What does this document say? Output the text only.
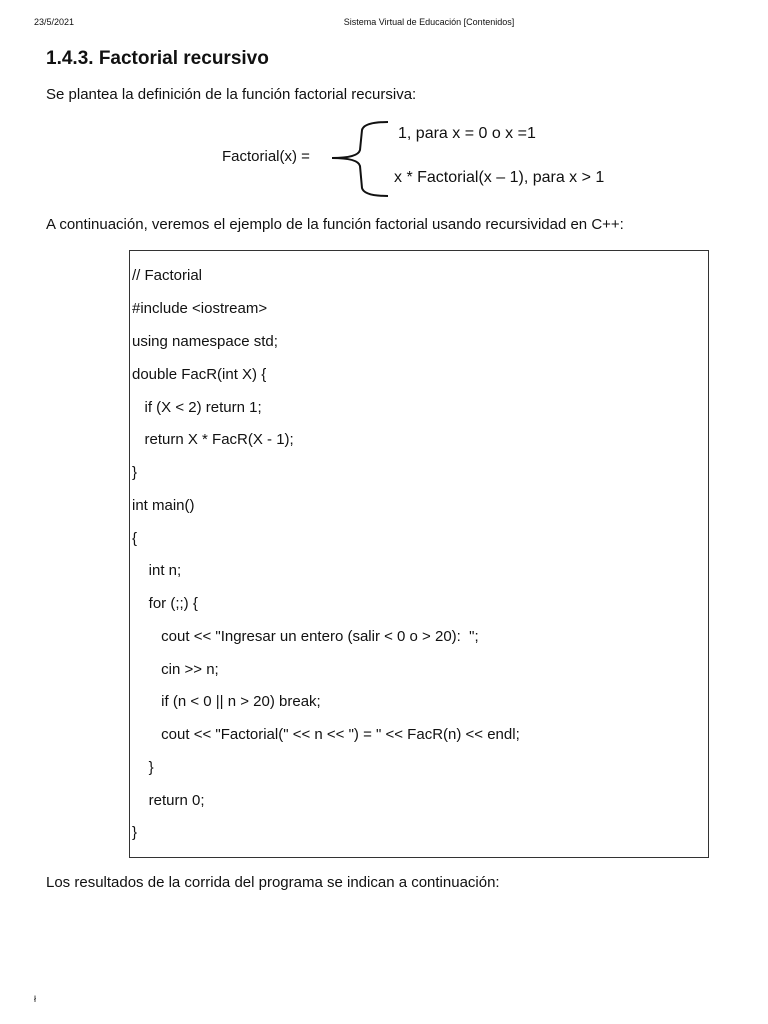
23/5/2021	Sistema Virtual de Educación [Contenidos]
1.4.3. Factorial recursivo

Se plantea la definición de la función factorial recursiva:

Factorial(x) =
1, para x = 0 o x =1
x * Factorial(x – 1), para x > 1

A continuación, veremos el ejemplo de la función factorial usando recursividad en C++:

// Factorial
#include <iostream>
using namespace std;
double FacR(int X) {
if (X < 2) return 1;
return X * FacR(X - 1);
}
int main()
{
int n;
for (;;) {
cout << "Ingresar un entero (salir < 0 o > 20):  ";
cin >> n;
if (n < 0 || n > 20) break;
cout << "Factorial(" << n << ") = " << FacR(n) << endl;
}
return 0;
}

Los resultados de la corrida del programa se indican a continuación:

ł
